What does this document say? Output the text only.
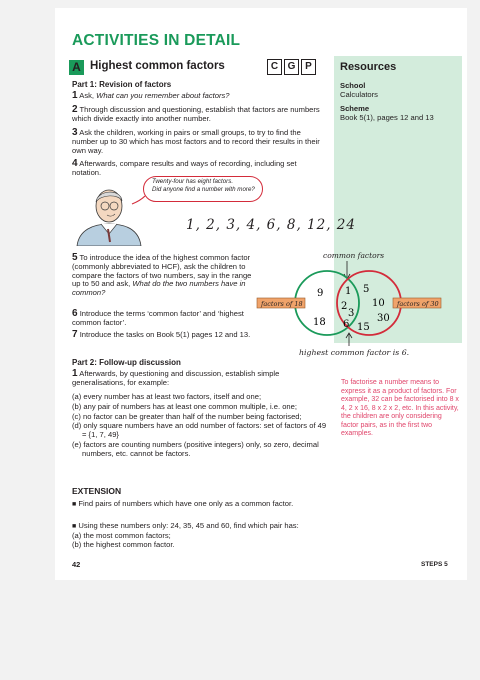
ACTIVITIES IN DETAIL
A Highest common factors	C G P	Resources
School
Calculators
Scheme
Book 5(1), pages 12 and 13
Part 1: Revision of factors
1 Ask, What can you remember about factors?
2 Through discussion and questioning, establish that factors are numbers which divide exactly into another number.
3 Ask the children, working in pairs or small groups, to try to find the number up to 30 which has most factors and to record their results in their own way.
4 Afterwards, compare results and ways of recording, including set notation.
Twenty-four has eight factors.
Did anyone find a number with more?
1, 2, 3, 4, 6, 8, 12, 24
5 To introduce the idea of the highest common factor (commonly abbreviated to HCF), ask the children to compare the factors of two numbers, say in the range up to 50 and ask, What do the two numbers have in common?
6 Introduce the terms ‘common factor’ and ‘highest common factor’.
7 Introduce the tasks on Book 5(1) pages 12 and 13.
common factors
factors of 18	factors of 30
9
18
1
2
3
6
5
10
30
15
highest common factor is 6.
Part 2: Follow-up discussion
1 Afterwards, by questioning and discussion, establish simple generalisations, for example:
(a) every number has at least two factors, itself and one;
(b) any pair of numbers has at least one common multiple, i.e. one;
(c) no factor can be greater than half of the number being factorised;
(d) only square numbers have an odd number of factors: set of factors of 49 = {1, 7, 49}
(e) factors are counting numbers (positive integers) only, so zero, decimal numbers, etc. cannot be factors.
To factorise a number means to express it as a product of factors. For example, 32 can be factorised into 8 x 4, 2 x 16, 8 x 2 x 2, etc. In this activity, the children are only considering factor pairs, as in the first two examples.
EXTENSION
■ Find pairs of numbers which have one only as a common factor.
■ Using these numbers only: 24, 35, 45 and 60, find which pair has:
(a) the most common factors;
(b) the highest common factor.
42	STEPS 5
